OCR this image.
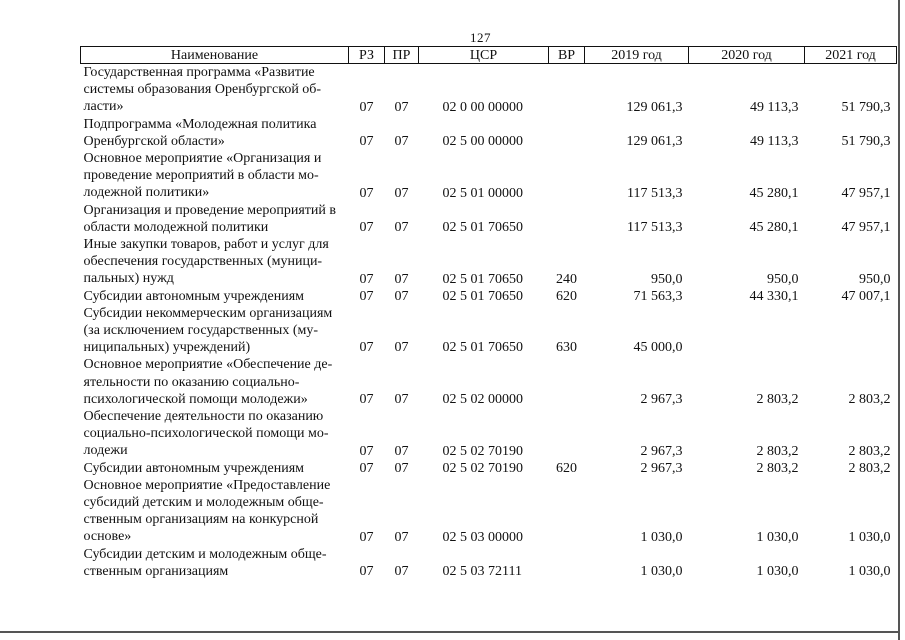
127
Наименование	РЗ	ПР	ЦСР	ВР	2019 год	2020 год	2021 год
Государственная программа «Развитие системы образования Оренбургской об-ласти»	07	07	02 0 00 00000		129 061,3	49 113,3	51 790,3
Подпрограмма «Молодежная политика Оренбургской области»	07	07	02 5 00 00000		129 061,3	49 113,3	51 790,3
Основное мероприятие «Организация и проведение мероприятий в области мо-лодежной политики»	07	07	02 5 01 00000		117 513,3	45 280,1	47 957,1
Организация и проведение мероприятий в области молодежной политики	07	07	02 5 01 70650		117 513,3	45 280,1	47 957,1
Иные закупки товаров, работ и услуг для обеспечения государственных (муници-пальных) нужд	07	07	02 5 01 70650	240	950,0	950,0	950,0
Субсидии автономным учреждениям	07	07	02 5 01 70650	620	71 563,3	44 330,1	47 007,1
Субсидии некоммерческим организациям (за исключением государственных (му-ниципальных) учреждений)	07	07	02 5 01 70650	630	45 000,0		
Основное мероприятие «Обеспечение де-ятельности по оказанию социально-психологической помощи молодежи»	07	07	02 5 02 00000		2 967,3	2 803,2	2 803,2
Обеспечение деятельности по оказанию социально-психологической помощи мо-лодежи	07	07	02 5 02 70190		2 967,3	2 803,2	2 803,2
Субсидии автономным учреждениям	07	07	02 5 02 70190	620	2 967,3	2 803,2	2 803,2
Основное мероприятие «Предоставление субсидий детским и молодежным обще-ственным организациям на конкурсной основе»	07	07	02 5 03 00000		1 030,0	1 030,0	1 030,0
Субсидии детским и молодежным обще-ственным организациям	07	07	02 5 03 72111		1 030,0	1 030,0	1 030,0
